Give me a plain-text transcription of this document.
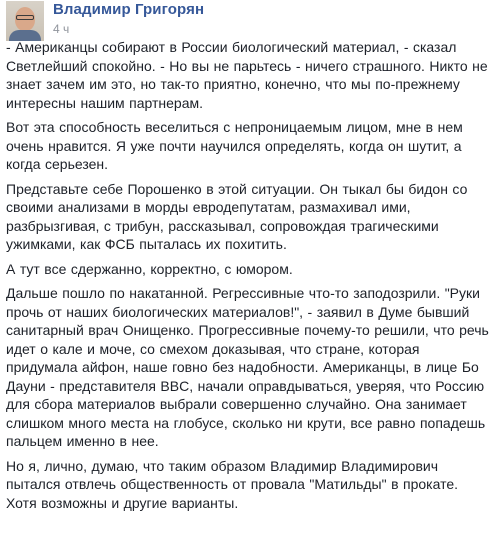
Владимир Григорян
4 ч

- Американцы собирают в России биологический материал, - сказал Светлейший спокойно. - Но вы не парьтесь - ничего страшного. Никто не знает зачем им это, но так-то приятно, конечно, что мы по-прежнему интересны нашим партнерам.

Вот эта способность веселиться с непроницаемым лицом, мне в нем очень нравится. Я уже почти научился определять, когда он шутит, а когда серьезен.

Представьте себе Порошенко в этой ситуации. Он тыкал бы бидон со своими анализами в морды евродепутатам, размахивал ими, разбрызгивая, с трибун, рассказывал, сопровождая трагическими ужимками, как ФСБ пыталась их похитить.

А тут все сдержанно, корректно, с юмором.

Дальше пошло по накатанной. Регрессивные что-то заподозрили. "Руки прочь от наших биологических материалов!", - заявил в Думе бывший санитарный врач Онищенко. Прогрессивные почему-то решили, что речь идет о кале и моче, со смехом доказывая, что стране, которая придумала айфон, наше говно без надобности. Американцы, в лице Бо Дауни - представителя BBC, начали оправдываться, уверяя, что Россию для сбора материалов выбрали совершенно случайно. Она занимает слишком много места на глобусе, сколько ни крути, все равно попадешь пальцем именно в нее.

Но я, лично, думаю, что таким образом Владимир Владимирович пытался отвлечь общественность от провала "Матильды" в прокате. Хотя возможны и другие варианты.
